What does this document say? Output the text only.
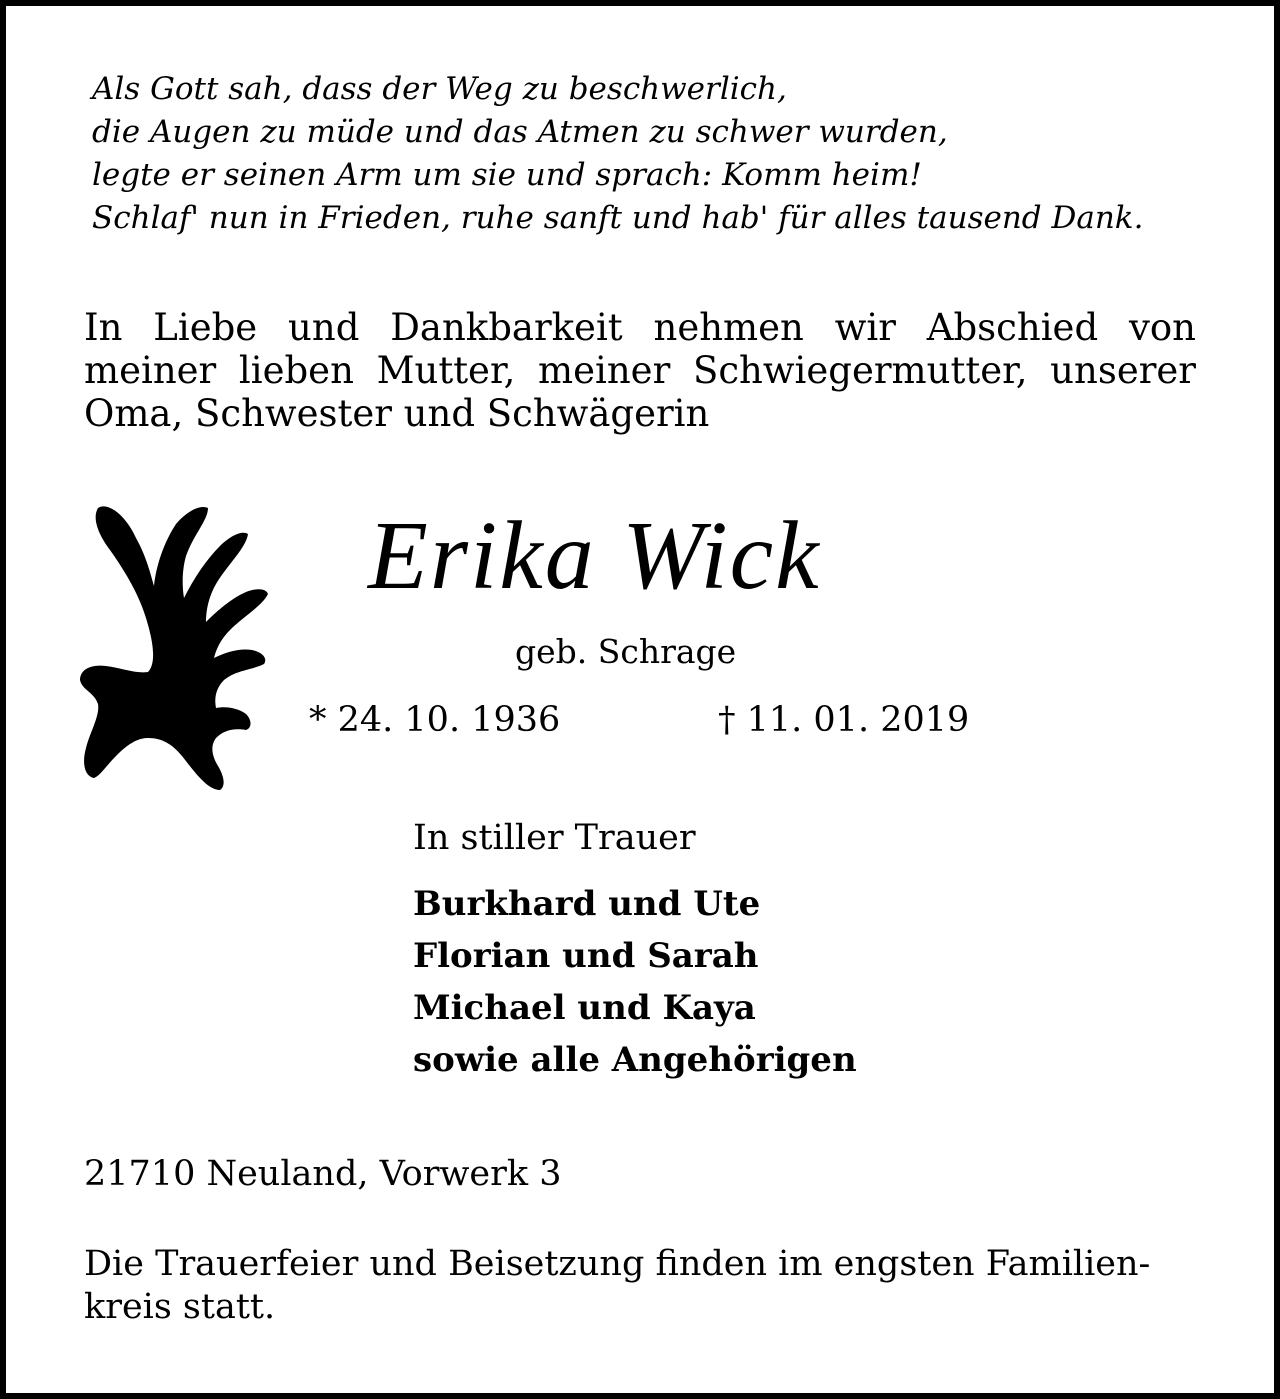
Als Gott sah, dass der Weg zu beschwerlich,
die Augen zu müde und das Atmen zu schwer wurden,
legte er seinen Arm um sie und sprach: Komm heim!
Schlaf' nun in Frieden, ruhe sanft und hab' für alles tausend Dank.

In Liebe und Dankbarkeit nehmen wir Abschied von meiner lieben Mutter, meiner Schwiegermutter, unserer Oma, Schwester und Schwägerin

Erika Wick
geb. Schrage
* 24. 10. 1936	† 11. 01. 2019
In stiller Trauer
Burkhard und Ute
Florian und Sarah
Michael und Kaya
sowie alle Angehörigen
21710 Neuland, Vorwerk 3

Die Trauerfeier und Beisetzung finden im engsten Familien-kreis statt.
